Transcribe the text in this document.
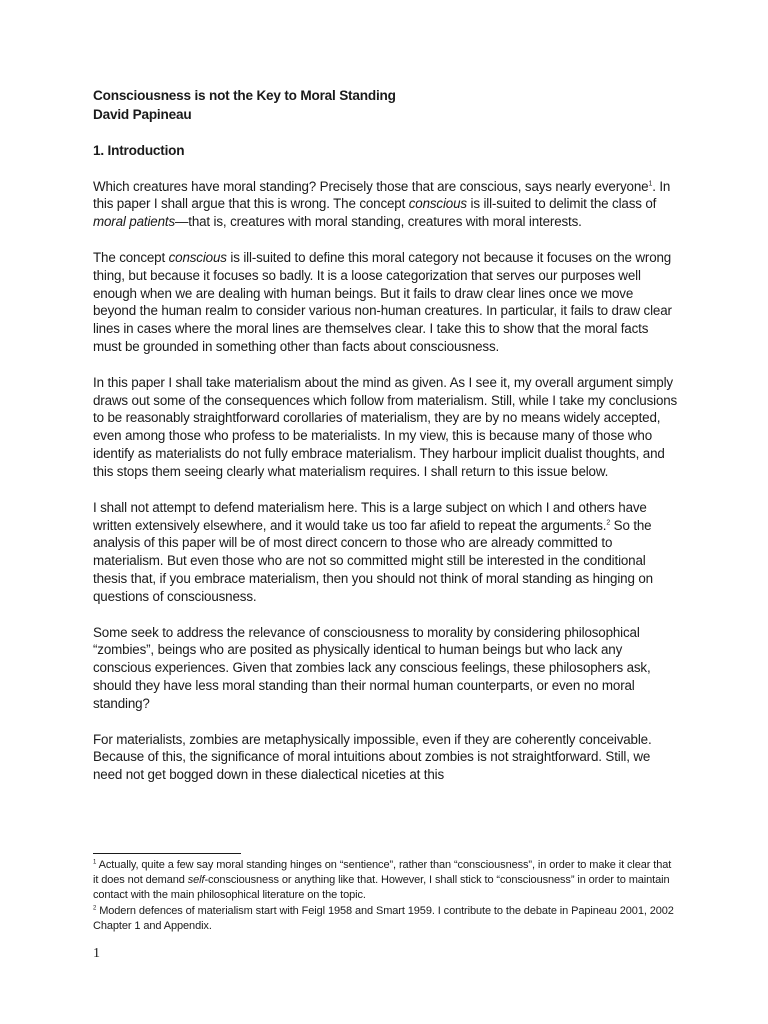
Consciousness is not the Key to Moral Standing
David Papineau
1. Introduction
Which creatures have moral standing? Precisely those that are conscious, says nearly everyone$^1$. In this paper I shall argue that this is wrong. The concept conscious is ill-suited to delimit the class of moral patients—that is, creatures with moral standing, creatures with moral interests.
The concept conscious is ill-suited to define this moral category not because it focuses on the wrong thing, but because it focuses so badly. It is a loose categorization that serves our purposes well enough when we are dealing with human beings. But it fails to draw clear lines once we move beyond the human realm to consider various non-human creatures. In particular, it fails to draw clear lines in cases where the moral lines are themselves clear. I take this to show that the moral facts must be grounded in something other than facts about consciousness.
In this paper I shall take materialism about the mind as given. As I see it, my overall argument simply draws out some of the consequences which follow from materialism. Still, while I take my conclusions to be reasonably straightforward corollaries of materialism, they are by no means widely accepted, even among those who profess to be materialists. In my view, this is because many of those who identify as materialists do not fully embrace materialism. They harbour implicit dualist thoughts, and this stops them seeing clearly what materialism requires. I shall return to this issue below.
I shall not attempt to defend materialism here. This is a large subject on which I and others have written extensively elsewhere, and it would take us too far afield to repeat the arguments.$^2$ So the analysis of this paper will be of most direct concern to those who are already committed to materialism. But even those who are not so committed might still be interested in the conditional thesis that, if you embrace materialism, then you should not think of moral standing as hinging on questions of consciousness.
Some seek to address the relevance of consciousness to morality by considering philosophical “zombies”, beings who are posited as physically identical to human beings but who lack any conscious experiences. Given that zombies lack any conscious feelings, these philosophers ask, should they have less moral standing than their normal human counterparts, or even no moral standing?
For materialists, zombies are metaphysically impossible, even if they are coherently conceivable. Because of this, the significance of moral intuitions about zombies is not straightforward. Still, we need not get bogged down in these dialectical niceties at this
$^1$ Actually, quite a few say moral standing hinges on “sentience”, rather than “consciousness”, in order to make it clear that it does not demand self-consciousness or anything like that. However, I shall stick to “consciousness” in order to maintain contact with the main philosophical literature on the topic.
$^2$ Modern defences of materialism start with Feigl 1958 and Smart 1959. I contribute to the debate in Papineau 2001, 2002 Chapter 1 and Appendix.
1
